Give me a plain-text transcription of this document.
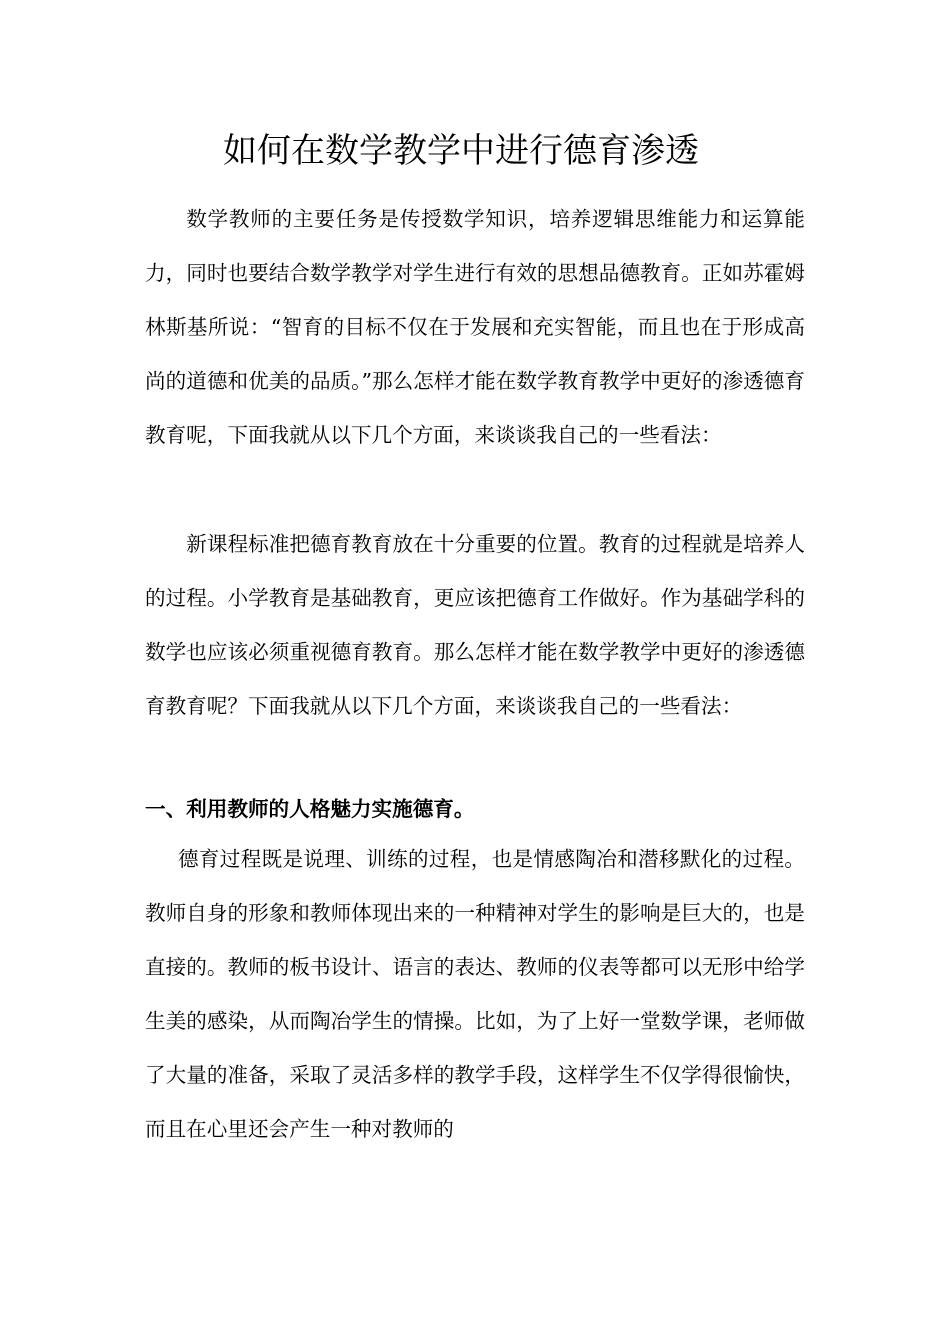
如何在数学教学中进行德育渗透

数学教师的主要任务是传授数学知识，培养逻辑思维能力和运算能力，同时也要结合数学教学对学生进行有效的思想品德教育。正如苏霍姆林斯基所说：“智育的目标不仅在于发展和充实智能，而且也在于形成高尚的道德和优美的品质。”那么怎样才能在数学教育教学中更好的渗透德育教育呢，下面我就从以下几个方面，来谈谈我自己的一些看法：

新课程标准把德育教育放在十分重要的位置。教育的过程就是培养人的过程。小学教育是基础教育，更应该把德育工作做好。作为基础学科的数学也应该必须重视德育教育。那么怎样才能在数学教学中更好的渗透德育教育呢？下面我就从以下几个方面，来谈谈我自己的一些看法：

一、利用教师的人格魅力实施德育。

德育过程既是说理、训练的过程，也是情感陶冶和潜移默化的过程。教师自身的形象和教师体现出来的一种精神对学生的影响是巨大的，也是直接的。教师的板书设计、语言的表达、教师的仪表等都可以无形中给学生美的感染，从而陶冶学生的情操。比如，为了上好一堂数学课，老师做了大量的准备，采取了灵活多样的教学手段，这样学生不仅学得很愉快，而且在心里还会产生一种对教师的
